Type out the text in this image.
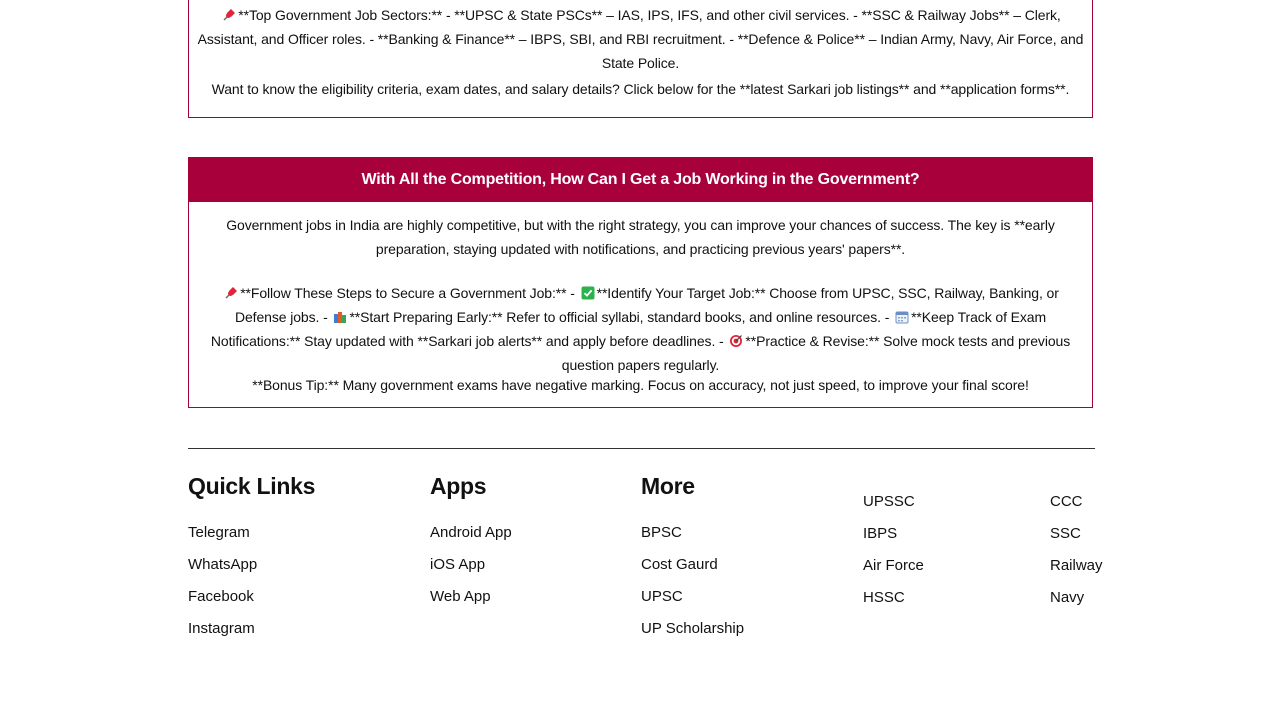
**Top Government Job Sectors:** - **UPSC & State PSCs** – IAS, IPS, IFS, and other civil services. - **SSC & Railway Jobs** – Clerk, Assistant, and Officer roles. - **Banking & Finance** – IBPS, SBI, and RBI recruitment. - **Defence & Police** – Indian Army, Navy, Air Force, and State Police.

Want to know the eligibility criteria, exam dates, and salary details? Click below for the **latest Sarkari job listings** and **application forms**.

With All the Competition, How Can I Get a Job Working in the Government?

Government jobs in India are highly competitive, but with the right strategy, you can improve your chances of success. The key is **early preparation, staying updated with notifications, and practicing previous years' papers**.

**Follow These Steps to Secure a Government Job:** - **Identify Your Target Job:** Choose from UPSC, SSC, Railway, Banking, or Defense jobs. - **Start Preparing Early:** Refer to official syllabi, standard books, and online resources. - **Keep Track of Exam Notifications:** Stay updated with **Sarkari job alerts** and apply before deadlines. - **Practice & Revise:** Solve mock tests and previous question papers regularly.

**Bonus Tip:** Many government exams have negative marking. Focus on accuracy, not just speed, to improve your final score!

Quick Links
Telegram
WhatsApp
Facebook
Instagram
Apps
Android App
iOS App
Web App
More
BPSC
Cost Gaurd
UPSC
UP Scholarship
UPSSC
IBPS
Air Force
HSSC
CCC
SSC
Railway
Navy
